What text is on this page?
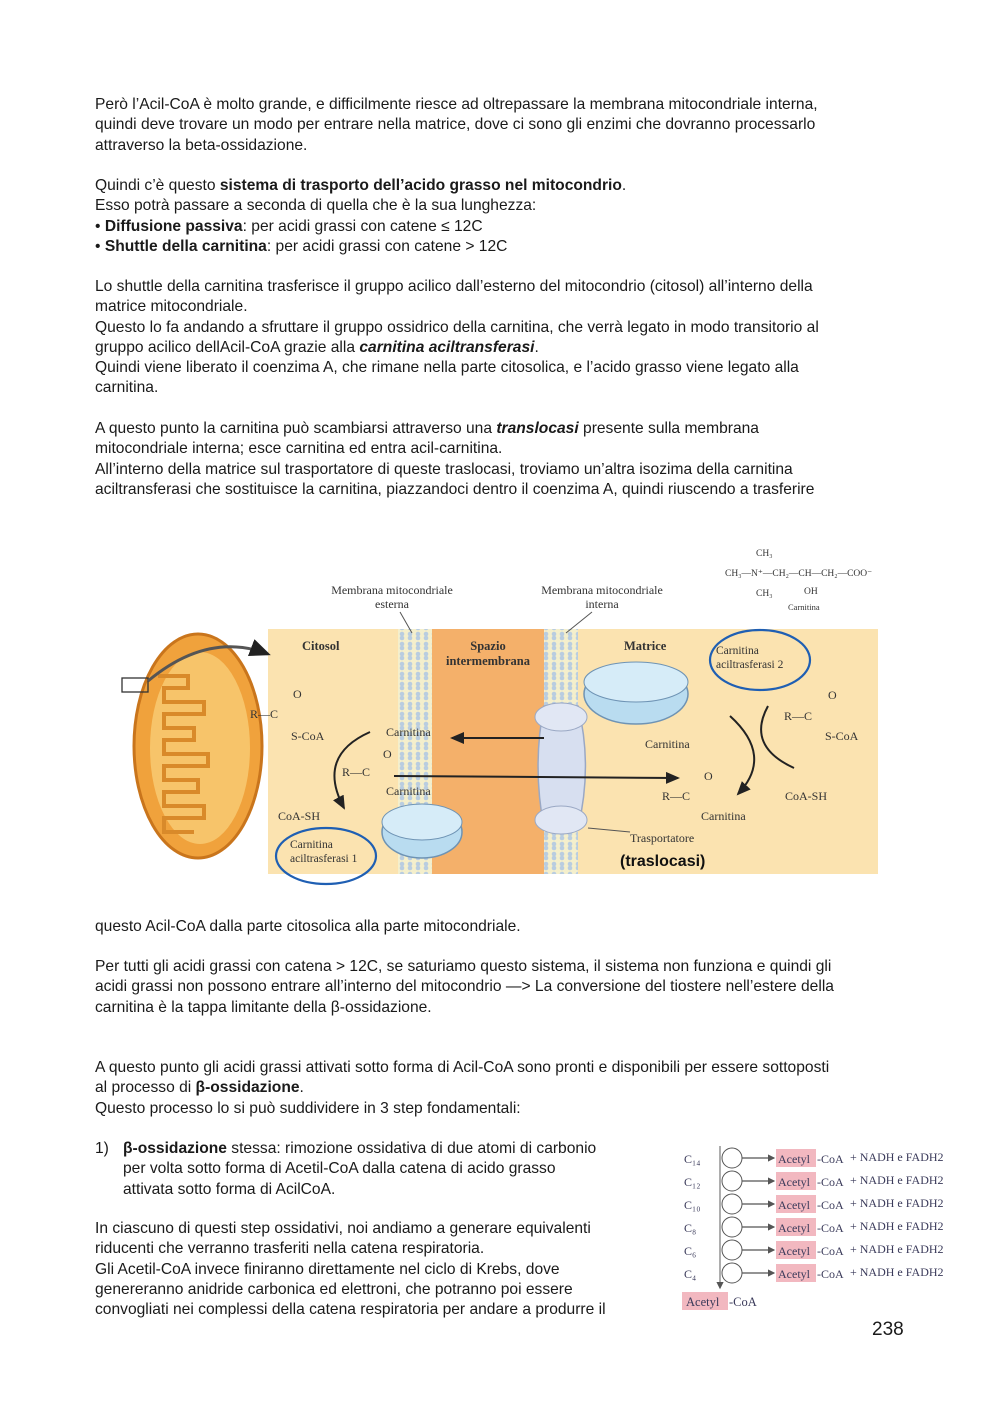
Però l’Acil-CoA è molto grande, e difficilmente riesce ad oltrepassare la membrana mitocondriale interna,
quindi deve trovare un modo per entrare nella matrice, dove ci sono gli enzimi che dovranno processarlo
attraverso la beta-ossidazione.
Quindi c’è questo sistema di trasporto dell’acido grasso nel mitocondrio.
Esso potrà passare a seconda di quella che è la sua lunghezza:
• Diffusione passiva: per acidi grassi con catene ≤ 12C
• Shuttle della carnitina: per acidi grassi con catene > 12C
Lo shuttle della carnitina trasferisce il gruppo acilico dall’esterno del mitocondrio (citosol) all’interno della
matrice mitocondriale.
Questo lo fa andando a sfruttare il gruppo ossidrico della carnitina, che verrà legato in modo transitorio al
gruppo acilico dellAcil-CoA grazie alla carnitina aciltransferasi.
Quindi viene liberato il coenzima A, che rimane nella parte citosolica, e l’acido grasso viene legato alla
carnitina.
A questo punto la carnitina può scambiarsi attraverso una translocasi presente sulla membrana
mitocondriale interna; esce carnitina ed entra acil-carnitina.
All’interno della matrice sul trasportatore di queste traslocasi, troviamo un’altra isozima della carnitina
aciltransferasi che sostituisce la carnitina, piazzandoci dentro il coenzima A, quindi riuscendo a trasferire
Membrana mitocondriale
esterna
Membrana mitocondriale
interna
Citosol	Spazio
intermembrana
Matrice
R—C
O
S-CoA
CoA-SH
Carnitina
R—C
O
Carnitina
Carnitina
R—C
O
Carnitina
R—C
O
S-CoA
CoA-SH
Carnitina
aciltrasferasi 1
Carnitina
aciltrasferasi 2
Trasportatore
(traslocasi)
CH₃
CH₃—N⁺—CH₂—CH—CH₂—COO⁻
CH₃	OH
Carnitina
questo Acil-CoA dalla parte citosolica alla parte mitocondriale.
Per tutti gli acidi grassi con catena > 12C, se saturiamo questo sistema, il sistema non funziona e quindi gli
acidi grassi non possono entrare all’interno del mitocondrio —> La conversione del tiostere nell’estere della
carnitina è la tappa limitante della β-ossidazione.
A questo punto gli acidi grassi attivati sotto forma di Acil-CoA sono pronti e disponibili per essere sottoposti
al processo di β-ossidazione.
Questo processo lo si può suddividere in 3 step fondamentali:
1) β-ossidazione stessa: rimozione ossidativa di due atomi di carbonio
per volta sotto forma di Acetil-CoA dalla catena di acido grasso
attivata sotto forma di AcilCoA.
In ciascuno di questi step ossidativi, noi andiamo a generare equivalenti
riducenti che verranno trasferiti nella catena respiratoria.
Gli Acetil-CoA invece finiranno direttamente nel ciclo di Krebs, dove
genereranno anidride carbonica ed elettroni, che potranno poi essere
convogliati nei complessi della catena respiratoria per andare a produrre il
C₁₄	Acetyl -CoA + NADH e FADH2
C₁₂	Acetyl -CoA + NADH e FADH2
C₁₀	Acetyl -CoA + NADH e FADH2
C₈	Acetyl -CoA + NADH e FADH2
C₆	Acetyl -CoA + NADH e FADH2
C₄	Acetyl -CoA + NADH e FADH2
Acetyl -CoA
238
